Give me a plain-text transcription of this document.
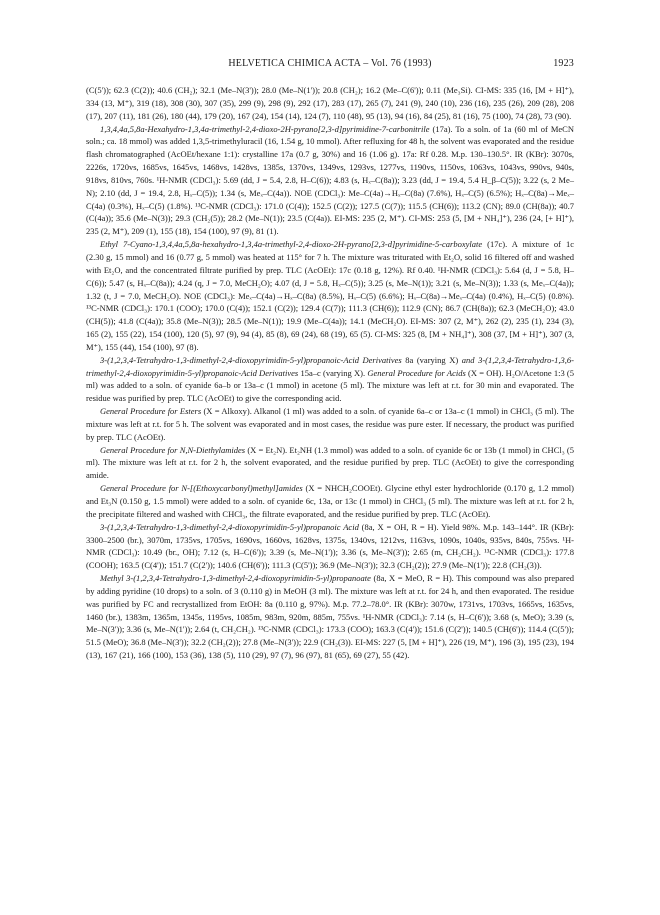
HELVETICA CHIMICA ACTA – Vol. 76 (1993)	1923

(C(5')); 62.3 (C(2)); 40.6 (CH₂); 32.1 (Me–N(3')); 28.0 (Me–N(1')); 20.8 (CH₂); 16.2 (Me–C(6')); 0.11 (Me₃Si). CI-MS: 335 (16, [M + H]⁺), 334 (13, M⁺), 319 (18), 308 (30), 307 (35), 299 (9), 298 (9), 292 (17), 283 (17), 265 (7), 241 (9), 240 (10), 236 (16), 235 (26), 209 (28), 208 (17), 207 (11), 181 (26), 180 (44), 179 (20), 167 (24), 154 (14), 124 (7), 110 (48), 95 (13), 94 (16), 84 (25), 81 (16), 75 (100), 74 (28), 73 (90).

1,3,4,4a,5,8a-Hexahydro-1,3,4a-trimethyl-2,4-dioxo-2H-pyrano[2,3-d]pyrimidine-7-carbonitrile (17a). To a soln. of 1a (60 ml of MeCN soln.; ca. 18 mmol) was added 1,3,5-trimethyluracil (16, 1.54 g, 10 mmol). After refluxing for 48 h, the solvent was evaporated and the residue flash chromatographed (AcOEt/hexane 1:1): crystalline 17a (0.7 g, 30%) and 16 (1.06 g). 17a: Rf 0.28. M.p. 130–130.5°. IR (KBr): 3070s, 2226s, 1720vs, 1685vs, 1645vs, 1468vs, 1428vs, 1385s, 1370vs, 1349vs, 1293vs, 1277vs, 1190vs, 1150vs, 1063vs, 1043vs, 990vs, 940s, 918vs, 810vs, 760s. ¹H-NMR (CDCl₃): 5.69 (dd, J = 5.4, 2.8, H–C(6)); 4.83 (s, Hₓ–C(8a)); 3.23 (dd, J = 19.4, 5.4 H_β–C(5)); 3.22 (s, 2 Me–N); 2.10 (dd, J = 19.4, 2.8, Hₓ–C(5)); 1.34 (s, Meₓ–C(4a)). NOE (CDCl₃): Me–C(4a)→Hₓ–C(8a) (7.6%), Hₓ–C(5) (6.5%); Hₓ–C(8a)→Meₓ–C(4a) (0.3%), Hₓ–C(5) (1.8%). ¹³C-NMR (CDCl₃): 171.0 (C(4)); 152.5 (C(2)); 127.5 (C(7)); 115.5 (CH(6)); 113.2 (CN); 89.0 (CH(8a)); 40.7 (C(4a)); 35.6 (Me–N(3)); 29.3 (CH₂(5)); 28.2 (Me–N(1)); 23.5 (C(4a)). EI-MS: 235 (2, M⁺). CI-MS: 253 (5, [M + NH₄]⁺), 236 (24, [+ H]⁺), 235 (2, M⁺), 209 (1), 155 (18), 154 (100), 97 (9), 81 (1).

Ethyl 7-Cyano-1,3,4,4a,5,8a-hexahydro-1,3,4a-trimethyl-2,4-dioxo-2H-pyrano[2,3-d]pyrimidine-5-carboxylate (17c). A mixture of 1c (2.30 g, 15 mmol) and 16 (0.77 g, 5 mmol) was heated at 115° for 7 h. The mixture was triturated with Et₂O, solid 16 filtered off and washed with Et₂O, and the concentrated filtrate purified by prep. TLC (AcOEt): 17c (0.18 g, 12%). Rf 0.40. ¹H-NMR (CDCl₃): 5.64 (d, J = 5.8, H–C(6)); 5.47 (s, Hₓ–C(8a)); 4.24 (q, J = 7.0, MeCH₂O); 4.07 (d, J = 5.8, Hₓ–C(5)); 3.25 (s, Me–N(1)); 3.21 (s, Me–N(3)); 1.33 (s, Meₓ–C(4a)); 1.32 (t, J = 7.0, MeCH₂O). NOE (CDCl₃): Meₓ–C(4a)→Hₓ–C(8a) (8.5%), Hₓ–C(5) (6.6%); Hₓ–C(8a)→Meₓ–C(4a) (0.4%), Hₓ–C(5) (0.8%). ¹³C-NMR (CDCl₃): 170.1 (COO); 170.0 (C(4)); 152.1 (C(2)); 129.4 (C(7)); 111.3 (CH(6)); 112.9 (CN); 86.7 (CH(8a)); 62.3 (MeCH₂O); 43.0 (CH(5)); 41.8 (C(4a)); 35.8 (Me–N(3)); 28.5 (Me–N(1)); 19.9 (Me–C(4a)); 14.1 (MeCH₂O). EI-MS: 307 (2, M⁺), 262 (2), 235 (1), 234 (3), 165 (2), 155 (22), 154 (100), 120 (5), 97 (9), 94 (4), 85 (8), 69 (24), 68 (19), 65 (5). CI-MS: 325 (8, [M + NH₄]⁺), 308 (37, [M + H]⁺), 307 (3, M⁺), 155 (44), 154 (100), 97 (8).

3-(1,2,3,4-Tetrahydro-1,3-dimethyl-2,4-dioxopyrimidin-5-yl)propanoic-Acid Derivatives 8a (varying X) and 3-(1,2,3,4-Tetrahydro-1,3,6-trimethyl-2,4-dioxopyrimidin-5-yl)propanoic-Acid Derivatives 15a–c (varying X). General Procedure for Acids (X = OH). H₂O/Acetone 1:3 (5 ml) was added to a soln. of cyanide 6a–b or 13a–c (1 mmol) in acetone (5 ml). The mixture was left at r.t. for 30 min and evaporated. The residue was purified by prep. TLC (AcOEt) to give the corresponding acid.

General Procedure for Esters (X = Alkoxy). Alkanol (1 ml) was added to a soln. of cyanide 6a–c or 13a–c (1 mmol) in CHCl₃ (5 ml). The mixture was left at r.t. for 5 h. The solvent was evaporated and in most cases, the residue was pure ester. If necessary, the product was purified by prep. TLC (AcOEt).

General Procedure for N,N-Diethylamides (X = Et₂N). Et₂NH (1.3 mmol) was added to a soln. of cyanide 6c or 13b (1 mmol) in CHCl₃ (5 ml). The mixture was left at r.t. for 2 h, the solvent evaporated, and the residue purified by prep. TLC (AcOEt) to give the corresponding amide.

General Procedure for N-[(Ethoxycarbonyl)methyl]amides (X = NHCH₂COOEt). Glycine ethyl ester hydrochloride (0.170 g, 1.2 mmol) and Et₃N (0.150 g, 1.5 mmol) were added to a soln. of cyanide 6c, 13a, or 13c (1 mmol) in CHCl₃ (5 ml). The mixture was left at r.t. for 2 h, the precipitate filtered and washed with CHCl₃, the filtrate evaporated, and the residue purified by prep. TLC (AcOEt).

3-(1,2,3,4-Tetrahydro-1,3-dimethyl-2,4-dioxopyrimidin-5-yl)propanoic Acid (8a, X = OH, R = H). Yield 98%. M.p. 143–144°. IR (KBr): 3300–2500 (br.), 3070m, 1735vs, 1705vs, 1690vs, 1660vs, 1628vs, 1375s, 1340vs, 1212vs, 1163vs, 1090s, 1040s, 935vs, 840s, 755vs. ¹H-NMR (CDCl₃): 10.49 (br., OH); 7.12 (s, H–C(6')); 3.39 (s, Me–N(1')); 3.36 (s, Me–N(3')); 2.65 (m, CH₂CH₂). ¹³C-NMR (CDCl₃): 177.8 (COOH); 163.5 (C(4')); 151.7 (C(2')); 140.6 (CH(6')); 111.3 (C(5')); 36.9 (Me–N(3')); 32.3 (CH₂(2)); 27.9 (Me–N(1')); 22.8 (CH₂(3)).

Methyl 3-(1,2,3,4-Tetrahydro-1,3-dimethyl-2,4-dioxopyrimidin-5-yl)propanoate (8a, X = MeO, R = H). This compound was also prepared by adding pyridine (10 drops) to a soln. of 3 (0.110 g) in MeOH (3 ml). The mixture was left at r.t. for 24 h, and then evaporated. The residue was purified by FC and recrystallized from EtOH: 8a (0.110 g, 97%). M.p. 77.2–78.0°. IR (KBr): 3070w, 1731vs, 1703vs, 1665vs, 1635vs, 1460 (br.), 1383m, 1365m, 1345s, 1195vs, 1085m, 983m, 920m, 885m, 755vs. ¹H-NMR (CDCl₃): 7.14 (s, H–C(6')); 3.68 (s, MeO); 3.39 (s, Me–N(3')); 3.36 (s, Me–N(1')); 2.64 (t, CH₂CH₂). ¹³C-NMR (CDCl₃): 173.3 (COO); 163.3 (C(4')); 151.6 (C(2')); 140.5 (CH(6')); 114.4 (C(5')); 51.5 (MeO); 36.8 (Me–N(3')); 32.2 (CH₂(2)); 27.8 (Me–N(3')); 22.9 (CH₂(3)). EI-MS: 227 (5, [M + H]⁺), 226 (19, M⁺), 196 (3), 195 (23), 194 (13), 167 (21), 166 (100), 153 (36), 138 (5), 110 (29), 97 (7), 96 (97), 81 (65), 69 (27), 55 (42).
